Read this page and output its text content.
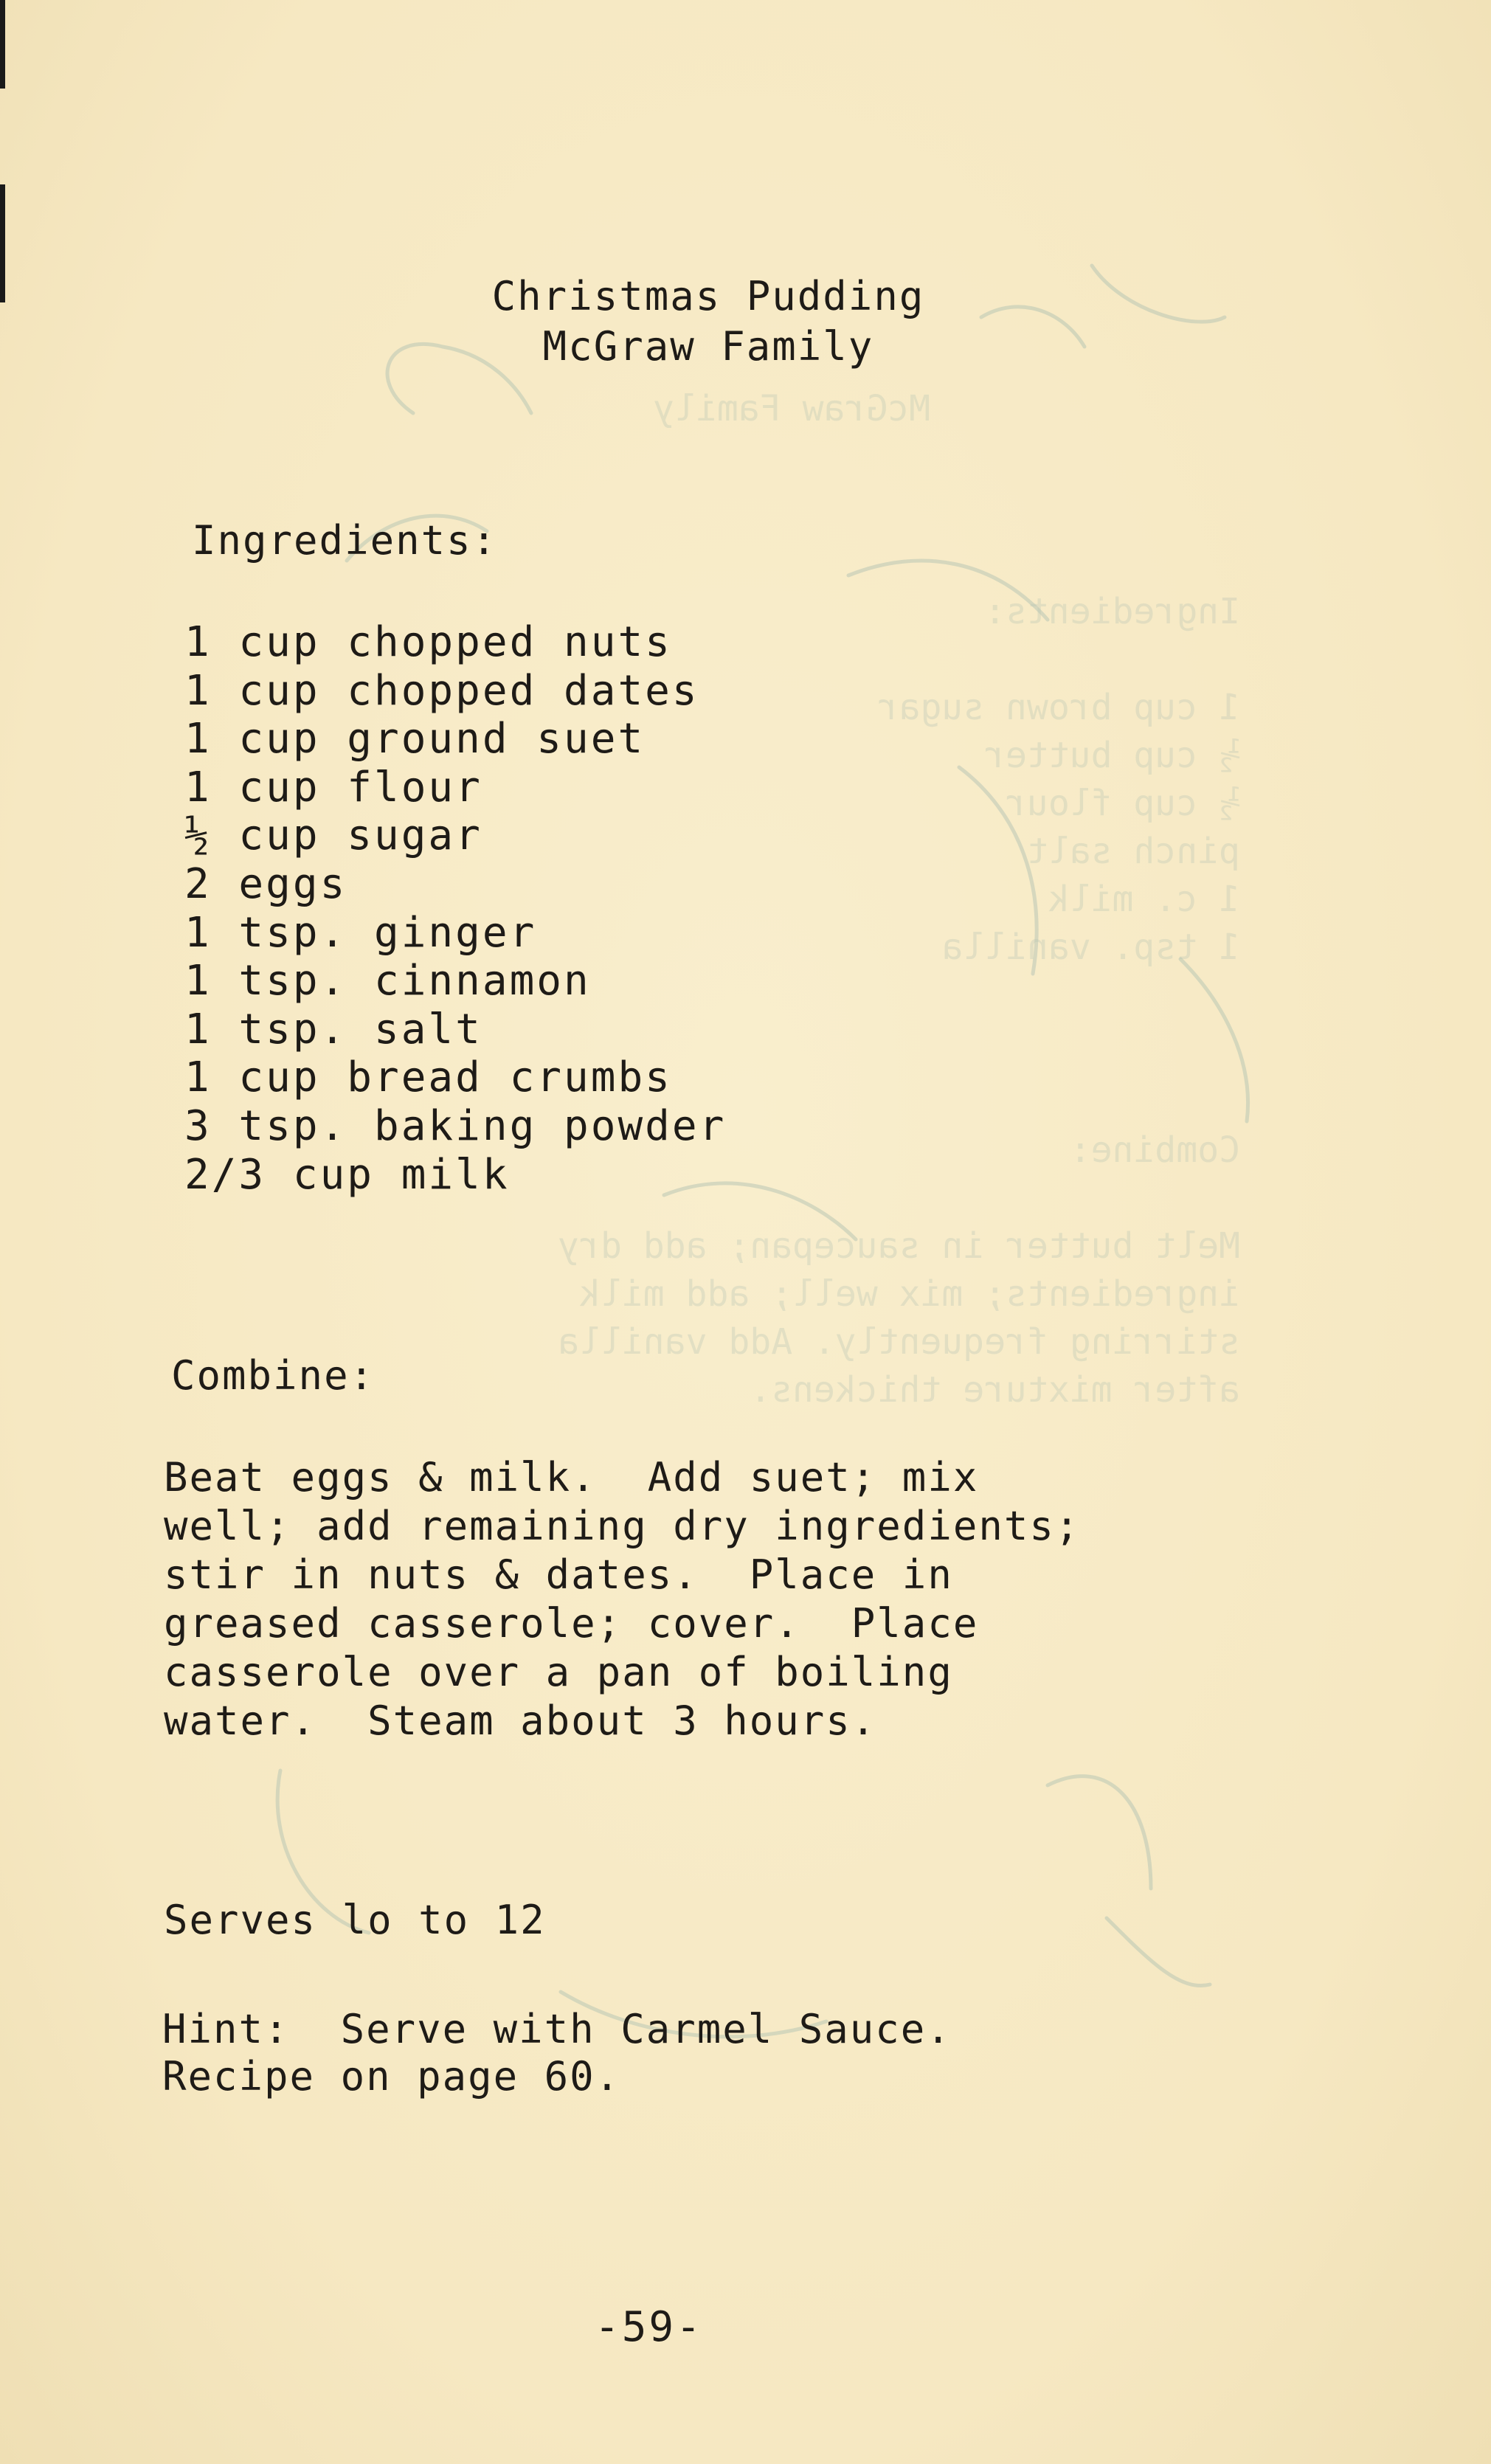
McGraw Family
Ingredients:
1 cup brown sugar
½ cup butter
½ cup flour
pinch salt
1 c. milk
1 tsp. vanilla
Combine:
Melt butter in saucepan; add dry
ingredients; mix well; add milk
stirring frequently. Add vanilla
after mixture thickens.
Christmas Pudding
McGraw Family
Ingredients:
1 cup chopped nuts
1 cup chopped dates
1 cup ground suet
1 cup flour
½ cup sugar
2 eggs
1 tsp. ginger
1 tsp. cinnamon
1 tsp. salt
1 cup bread crumbs
3 tsp. baking powder
2/3 cup milk
Combine:
Beat eggs & milk.  Add suet; mix
well; add remaining dry ingredients;
stir in nuts & dates.  Place in
greased casserole; cover.  Place
casserole over a pan of boiling
water.  Steam about 3 hours.
Serves lo to 12
Hint:  Serve with Carmel Sauce.
Recipe on page 60.
-59-
